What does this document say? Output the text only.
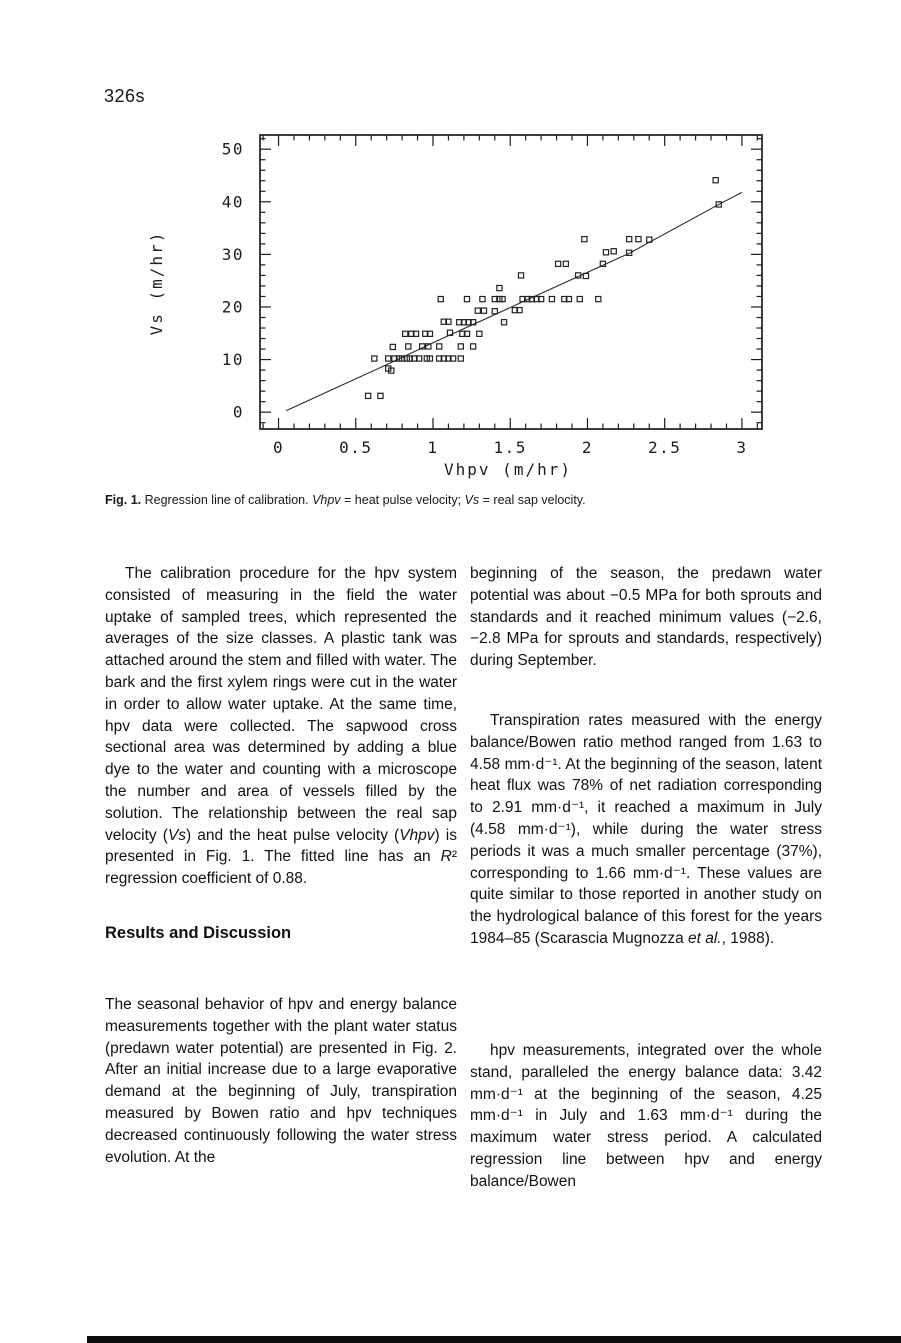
326s
0	0.5	1	1.5	2	2.5	3
0
10
20
30
40
50
Vhpv (m/hr)
Vs (m/hr)
Fig. 1. Regression line of calibration. Vhpv = heat pulse velocity; Vs = real sap velocity.
The calibration procedure for the hpv system consisted of measuring in the field the water uptake of sampled trees, which represented the averages of the size classes. A plastic tank was attached around the stem and filled with water. The bark and the first xylem rings were cut in the water in order to allow water uptake. At the same time, hpv data were collected. The sapwood cross sectional area was determined by adding a blue dye to the water and counting with a microscope the number and area of vessels filled by the solution. The relationship between the real sap velocity (Vs) and the heat pulse velocity (Vhpv) is presented in Fig. 1. The fitted line has an R² regression coefficient of 0.88.
Results and Discussion
The seasonal behavior of hpv and energy balance measurements together with the plant water status (predawn water potential) are presented in Fig. 2. After an initial increase due to a large evaporative demand at the beginning of July, transpiration measured by Bowen ratio and hpv techniques decreased continuously following the water stress evolution. At the
beginning of the season, the predawn water potential was about −0.5 MPa for both sprouts and standards and it reached minimum values (−2.6, −2.8 MPa for sprouts and standards, respectively) during September.
Transpiration rates measured with the energy balance/Bowen ratio method ranged from 1.63 to 4.58 mm·d⁻¹. At the beginning of the season, latent heat flux was 78% of net radiation corresponding to 2.91 mm·d⁻¹, it reached a maximum in July (4.58 mm·d⁻¹), while during the water stress periods it was a much smaller percentage (37%), corresponding to 1.66 mm·d⁻¹. These values are quite similar to those reported in another study on the hydrological balance of this forest for the years 1984–85 (Scarascia Mugnozza et al., 1988).
hpv measurements, integrated over the whole stand, paralleled the energy balance data: 3.42 mm·d⁻¹ at the beginning of the season, 4.25 mm·d⁻¹ in July and 1.63 mm·d⁻¹ during the maximum water stress period. A calculated regression line between hpv and energy balance/Bowen
